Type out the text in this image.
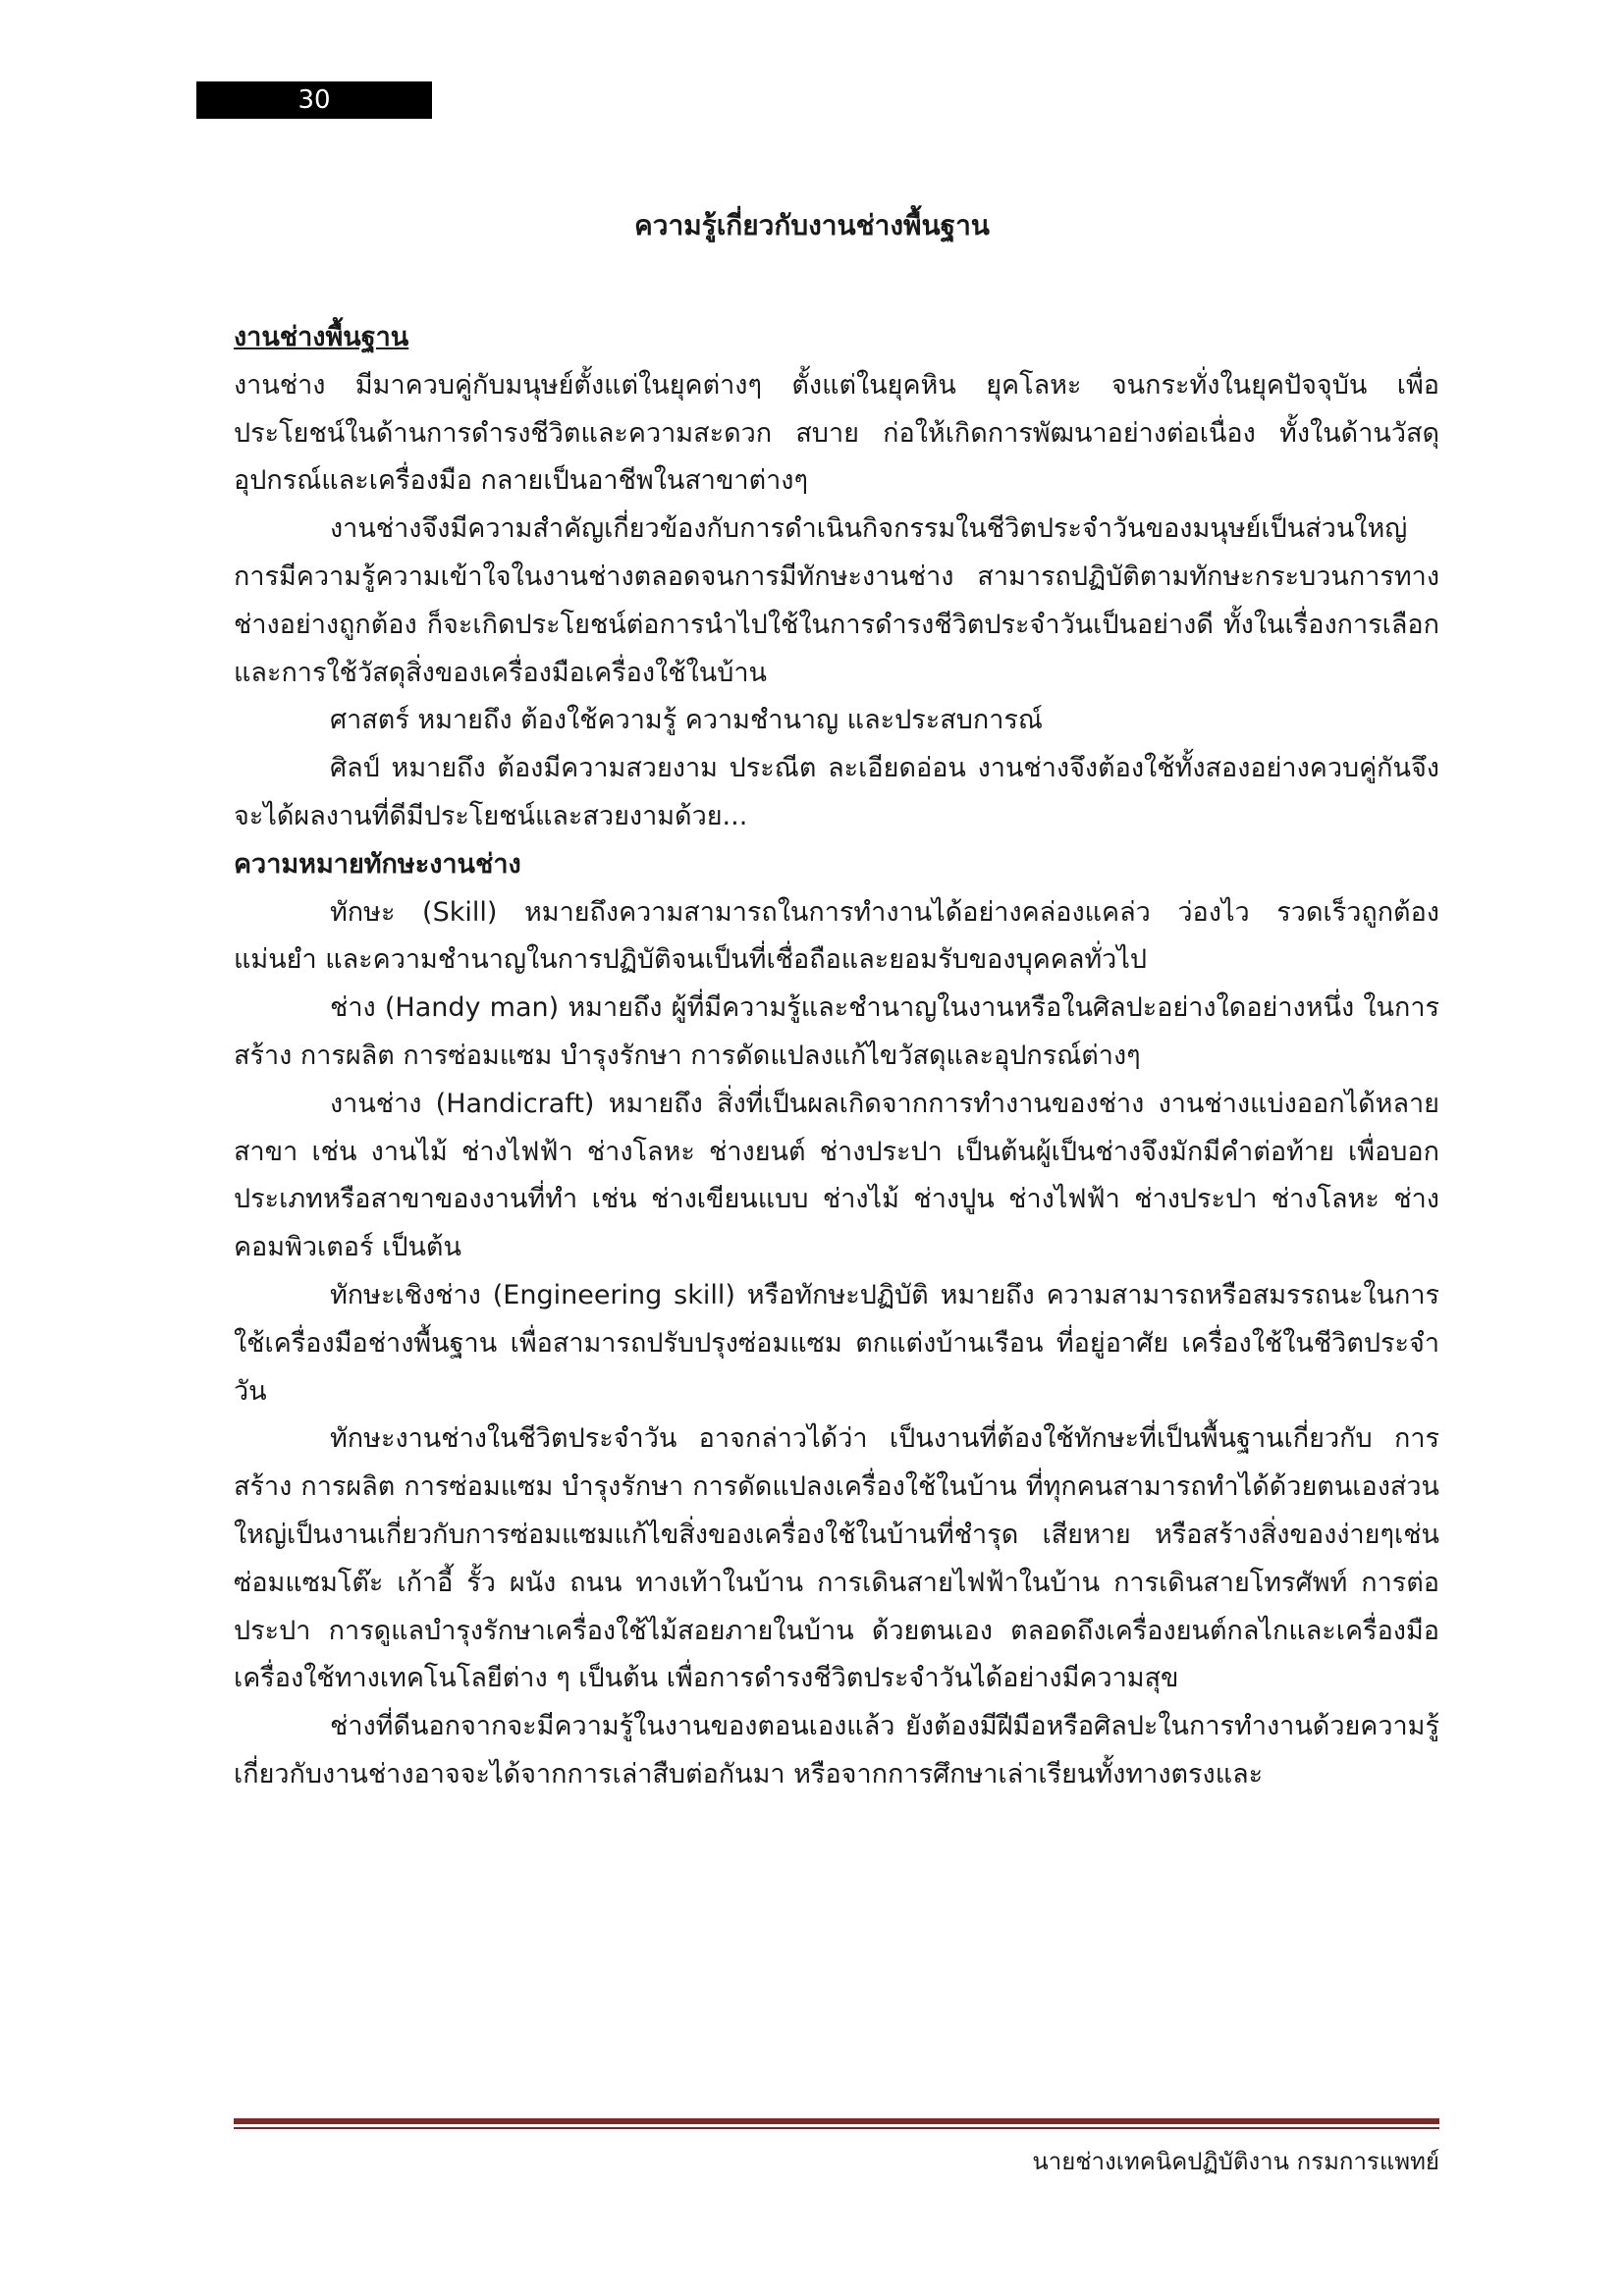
30
ความรู้เกี่ยวกับงานช่างพื้นฐาน

งานช่างพื้นฐาน

งานช่าง มีมาควบคู่กับมนุษย์ตั้งแต่ในยุคต่างๆ ตั้งแต่ในยุคหิน ยุคโลหะ จนกระทั่งในยุคปัจจุบัน เพื่อประโยชน์ในด้านการดำรงชีวิตและความสะดวก สบาย ก่อให้เกิดการพัฒนาอย่างต่อเนื่อง ทั้งในด้านวัสดุอุปกรณ์และเครื่องมือ กลายเป็นอาชีพในสาขาต่างๆ

งานช่างจึงมีความสำคัญเกี่ยวข้องกับการดำเนินกิจกรรมในชีวิตประจำวันของมนุษย์เป็นส่วนใหญ่ การมีความรู้ความเข้าใจในงานช่างตลอดจนการมีทักษะงานช่าง สามารถปฏิบัติตามทักษะกระบวนการทางช่างอย่างถูกต้อง ก็จะเกิดประโยชน์ต่อการนำไปใช้ในการดำรงชีวิตประจำวันเป็นอย่างดี ทั้งในเรื่องการเลือกและการใช้วัสดุสิ่งของเครื่องมือเครื่องใช้ในบ้าน

ศาสตร์ หมายถึง ต้องใช้ความรู้ ความชำนาญ และประสบการณ์

ศิลป์ หมายถึง ต้องมีความสวยงาม ประณีต ละเอียดอ่อน งานช่างจึงต้องใช้ทั้งสองอย่างควบคู่กันจึงจะได้ผลงานที่ดีมีประโยชน์และสวยงามด้วย...

ความหมายทักษะงานช่าง

ทักษะ (Skill) หมายถึงความสามารถในการทำงานได้อย่างคล่องแคล่ว ว่องไว รวดเร็วถูกต้องแม่นยำ และความชำนาญในการปฏิบัติจนเป็นที่เชื่อถือและยอมรับของบุคคลทั่วไป

ช่าง (Handy man) หมายถึง ผู้ที่มีความรู้และชำนาญในงานหรือในศิลปะอย่างใดอย่างหนึ่ง ในการสร้าง การผลิต การซ่อมแซม บำรุงรักษา การดัดแปลงแก้ไขวัสดุและอุปกรณ์ต่างๆ

งานช่าง (Handicraft) หมายถึง สิ่งที่เป็นผลเกิดจากการทำงานของช่าง งานช่างแบ่งออกได้หลายสาขา เช่น งานไม้ ช่างไฟฟ้า ช่างโลหะ ช่างยนต์ ช่างประปา เป็นต้นผู้เป็นช่างจึงมักมีคำต่อท้าย เพื่อบอกประเภทหรือสาขาของงานที่ทำ เช่น ช่างเขียนแบบ ช่างไม้ ช่างปูน ช่างไฟฟ้า ช่างประปา ช่างโลหะ ช่างคอมพิวเตอร์ เป็นต้น

ทักษะเชิงช่าง (Engineering skill) หรือทักษะปฏิบัติ หมายถึง ความสามารถหรือสมรรถนะในการใช้เครื่องมือช่างพื้นฐาน เพื่อสามารถปรับปรุงซ่อมแซม ตกแต่งบ้านเรือน ที่อยู่อาศัย เครื่องใช้ในชีวิตประจำวัน

ทักษะงานช่างในชีวิตประจำวัน อาจกล่าวได้ว่า เป็นงานที่ต้องใช้ทักษะที่เป็นพื้นฐานเกี่ยวกับ การสร้าง การผลิต การซ่อมแซม บำรุงรักษา การดัดแปลงเครื่องใช้ในบ้าน ที่ทุกคนสามารถทำได้ด้วยตนเองส่วนใหญ่เป็นงานเกี่ยวกับการซ่อมแซมแก้ไขสิ่งของเครื่องใช้ในบ้านที่ชำรุด เสียหาย หรือสร้างสิ่งของง่ายๆเช่น ซ่อมแซมโต๊ะ เก้าอี้ รั้ว ผนัง ถนน ทางเท้าในบ้าน การเดินสายไฟฟ้าในบ้าน การเดินสายโทรศัพท์ การต่อประปา การดูแลบำรุงรักษาเครื่องใช้ไม้สอยภายในบ้าน ด้วยตนเอง ตลอดถึงเครื่องยนต์กลไกและเครื่องมือเครื่องใช้ทางเทคโนโลยีต่าง ๆ เป็นต้น เพื่อการดำรงชีวิตประจำวันได้อย่างมีความสุข

ช่างที่ดีนอกจากจะมีความรู้ในงานของตอนเองแล้ว ยังต้องมีฝีมือหรือศิลปะในการทำงานด้วยความรู้เกี่ยวกับงานช่างอาจจะได้จากการเล่าสืบต่อกันมา หรือจากการศึกษาเล่าเรียนทั้งทางตรงและ

นายช่างเทคนิคปฏิบัติงาน กรมการแพทย์
